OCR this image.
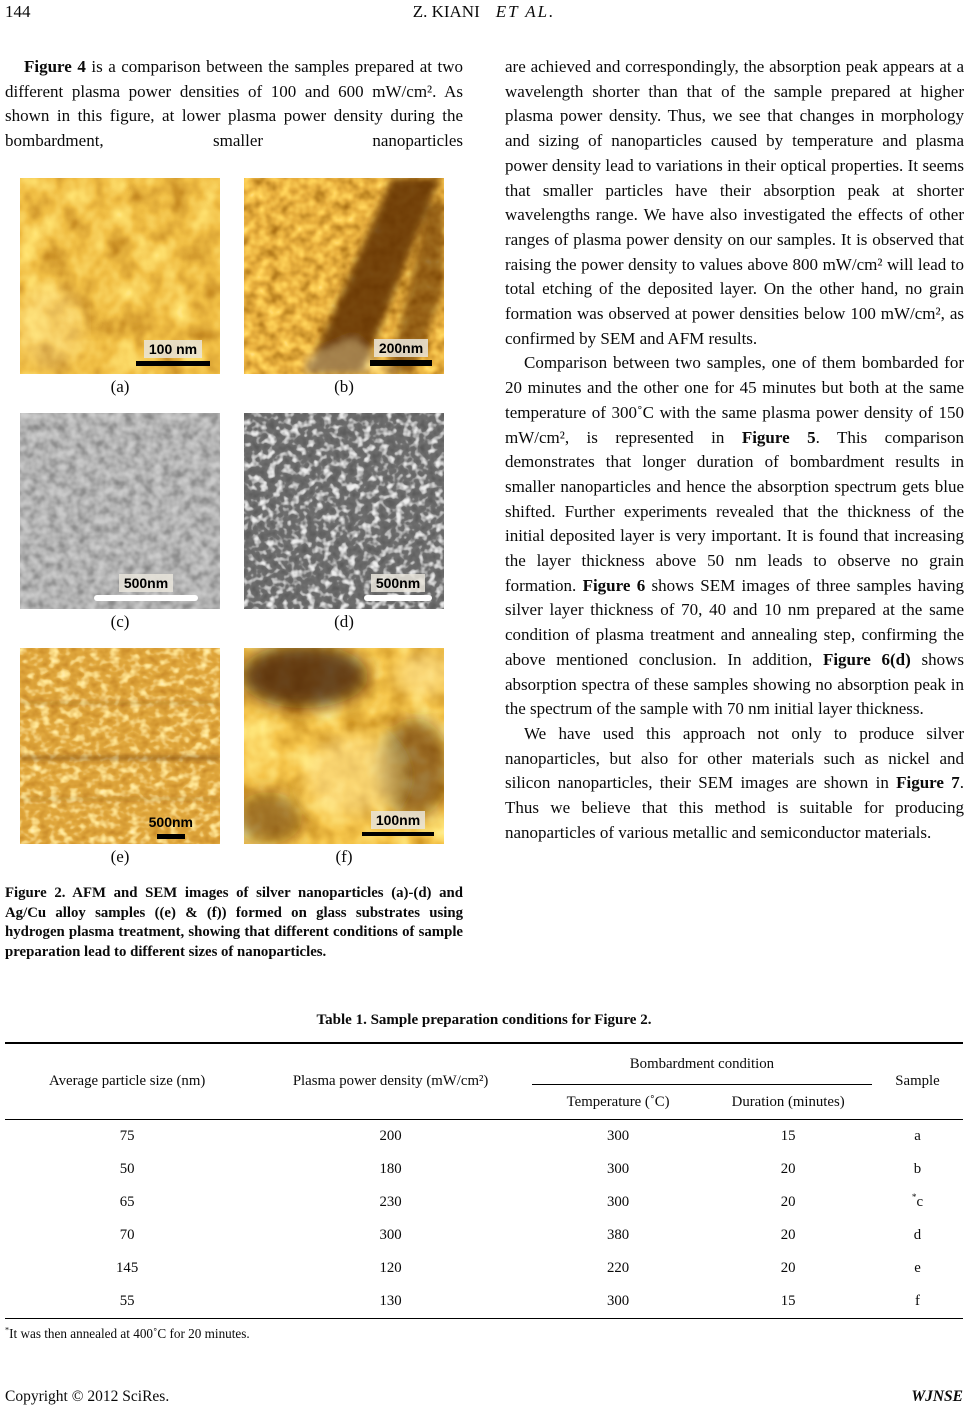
144	Z. KIANI ET AL.

Figure 4 is a comparison between the samples prepared at two different plasma power densities of 100 and 600 mW/cm². As shown in this figure, at lower plasma power density during the bombardment, smaller nanoparticles

100 nm
(a)
200nm
(b)
500nm
(c)
500nm
(d)
500nm
(e)
100nm
(f)
Figure 2. AFM and SEM images of silver nanoparticles (a)-(d) and Ag/Cu alloy samples ((e) & (f)) formed on glass substrates using hydrogen plasma treatment, showing that different conditions of sample preparation lead to different sizes of nanoparticles.

are achieved and correspondingly, the absorption peak appears at a wavelength shorter than that of the sample prepared at higher plasma power density. Thus, we see that changes in morphology and sizing of nanoparticles caused by temperature and plasma power density lead to variations in their optical properties. It seems that smaller particles have their absorption peak at shorter wavelengths range. We have also investigated the effects of other ranges of plasma power density on our samples. It is observed that raising the power density to values above 800 mW/cm² will lead to total etching of the deposited layer. On the other hand, no grain formation was observed at power densities below 100 mW/cm², as confirmed by SEM and AFM results.

Comparison between two samples, one of them bombarded for 20 minutes and the other one for 45 minutes but both at the same temperature of 300˚C with the same plasma power density of 150 mW/cm², is represented in Figure 5. This comparison demonstrates that longer duration of bombardment results in smaller nanoparticles and hence the absorption spectrum gets blue shifted. Further experiments revealed that the thickness of the initial deposited layer is very important. It is found that increasing the layer thickness above 50 nm leads to observe no grain formation. Figure 6 shows SEM images of three samples having silver layer thickness of 70, 40 and 10 nm prepared at the same condition of plasma treatment and annealing step, confirming the above mentioned conclusion. In addition, Figure 6(d) shows absorption spectra of these samples showing no absorption peak in the spectrum of the sample with 70 nm initial layer thickness.

We have used this approach not only to produce silver nanoparticles, but also for other materials such as nickel and silicon nanoparticles, their SEM images are shown in Figure 7. Thus we believe that this method is suitable for producing nanoparticles of various metallic and semiconductor materials.

Table 1. Sample preparation conditions for Figure 2.
Average particle size (nm)	Plasma power density (mW/cm²)	Bombardment condition		Sample
		Temperature (˚C)	Duration (minutes)	
75	200	300	15	a
50	180	300	20	b
65	230	300	20	*c
70	300	380	20	d
145	120	220	20	e
55	130	300	15	f
*It was then annealed at 400˚C for 20 minutes.
Copyright © 2012 SciRes.	WJNSE
